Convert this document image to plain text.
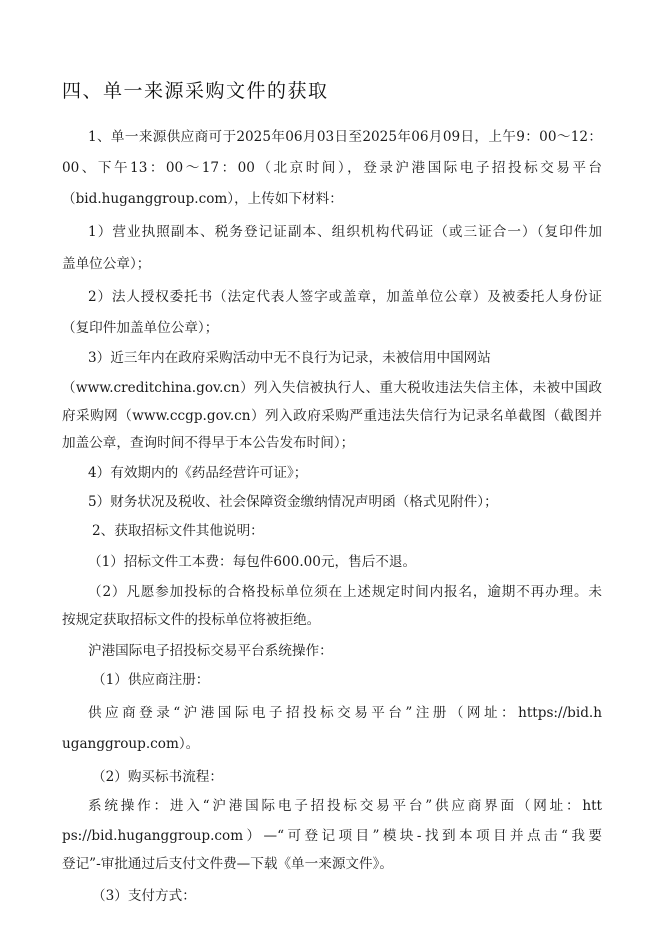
四、单一来源采购文件的获取
1、单一来源供应商可于2025年06月03日至2025年06月09日，上午9：00～12：
00、下午13：00～17：00（北京时间），登录沪港国际电子招投标交易平台
（bid.huganggroup.com），上传如下材料：
1）营业执照副本、税务登记证副本、组织机构代码证（或三证合一）（复印件加
盖单位公章）；
2）法人授权委托书（法定代表人签字或盖章，加盖单位公章）及被委托人身份证
（复印件加盖单位公章）；
3）近三年内在政府采购活动中无不良行为记录，未被信用中国网站
（www.creditchina.gov.cn）列入失信被执行人、重大税收违法失信主体，未被中国政
府采购网（www.ccgp.gov.cn）列入政府采购严重违法失信行为记录名单截图（截图并
加盖公章，查询时间不得早于本公告发布时间）；
4）有效期内的《药品经营许可证》；
5）财务状况及税收、社会保障资金缴纳情况声明函（格式见附件）；
2、获取招标文件其他说明：
（1）招标文件工本费：每包件600.00元，售后不退。
（2）凡愿参加投标的合格投标单位须在上述规定时间内报名，逾期不再办理。未
按规定获取招标文件的投标单位将被拒绝。
沪港国际电子招投标交易平台系统操作：
（1）供应商注册：
供应商登录“沪港国际电子招投标交易平台”注册（网址：https://bid.h
uganggroup.com）。
（2）购买标书流程：
系统操作：进入“沪港国际电子招投标交易平台”供应商界面（网址：htt
ps://bid.huganggroup.com）—“可登记项目”模块-找到本项目并点击“我要
登记”-审批通过后支付文件费—下载《单一来源文件》。
（3）支付方式：
